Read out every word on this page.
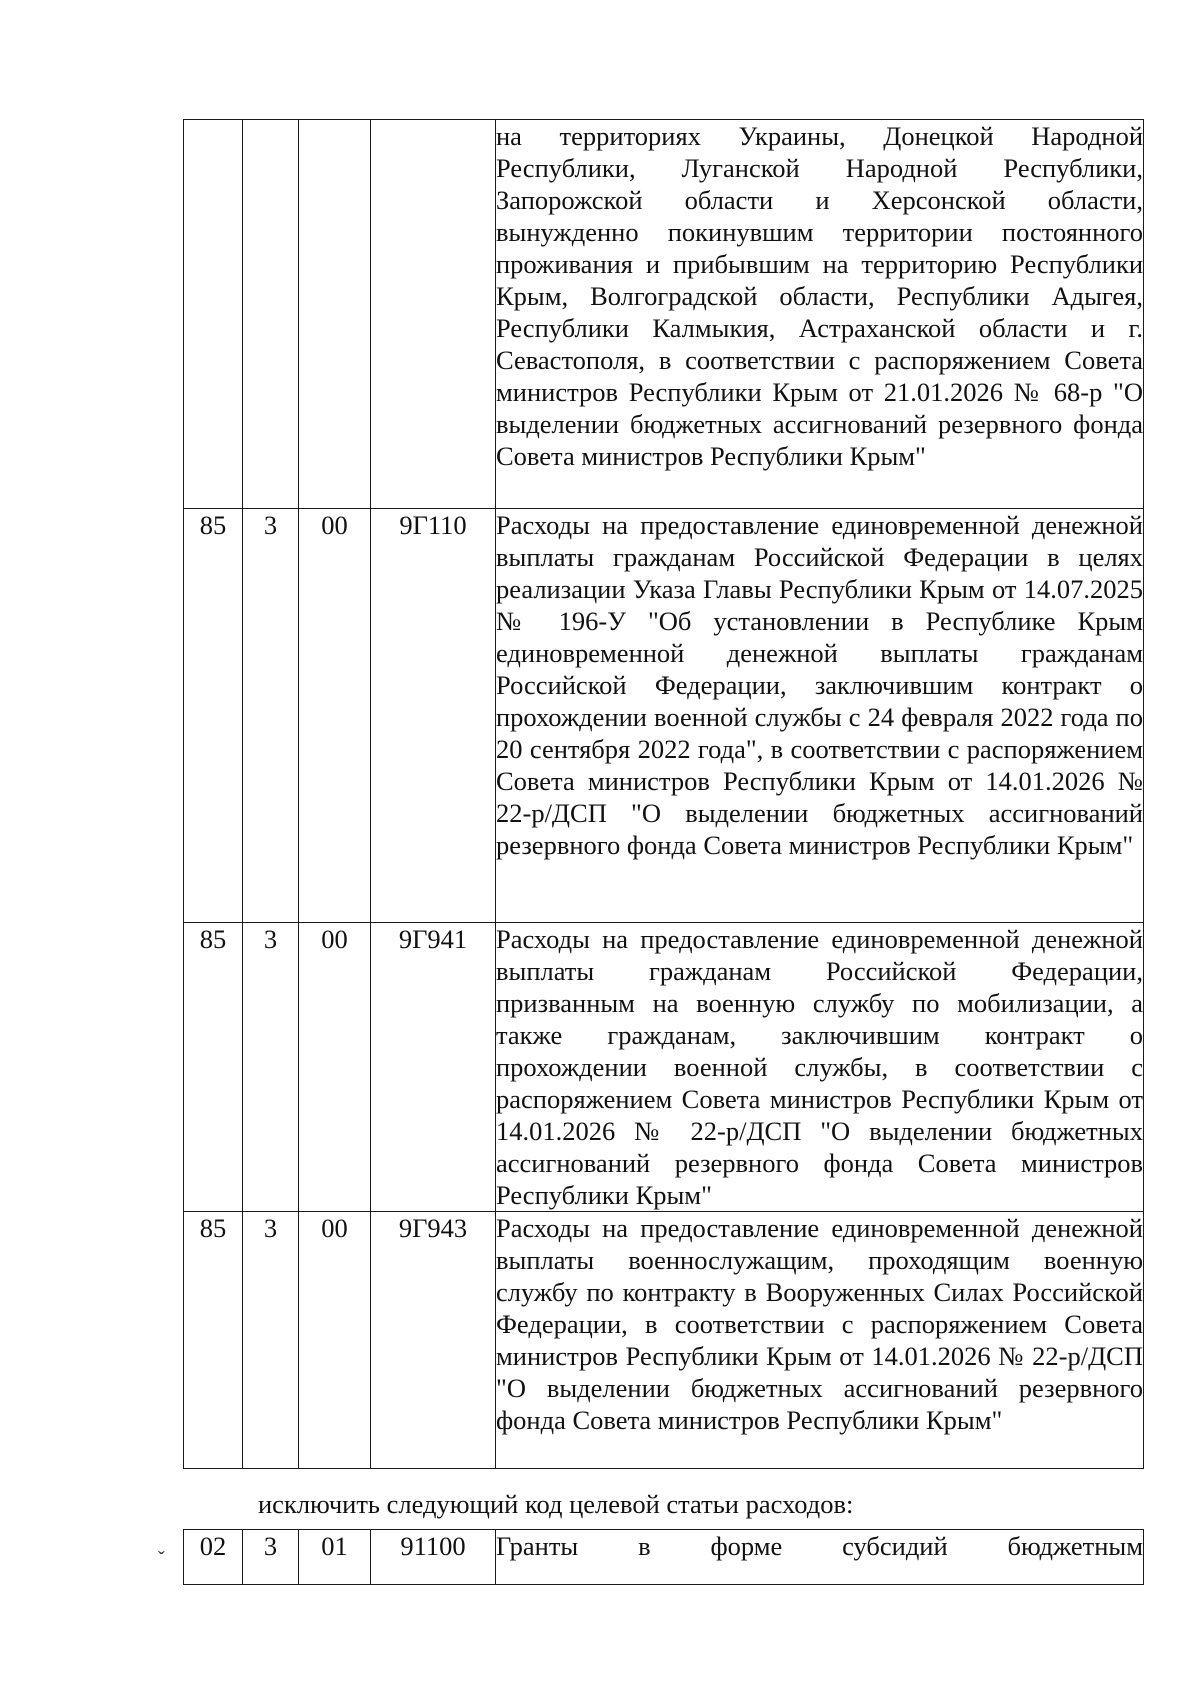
				на территориях Украины, Донецкой Народной Республики, Луганской Народной Республики, Запорожской области и Херсонской области, вынужденно покинувшим территории постоянного проживания и прибывшим на территорию Республики Крым, Волгоградской области, Республики Адыгея, Республики Калмыкия, Астраханской области и г. Севастополя, в соответствии с распоряжением Совета министров Республики Крым от 21.01.2026 № 68-р "О выделении бюджетных ассигнований резервного фонда Совета министров Республики Крым"
85	3	00	9Г110	Расходы на предоставление единовременной денежной выплаты гражданам Российской Федерации в целях реализации Указа Главы Республики Крым от 14.07.2025 № 196-У "Об установлении в Республике Крым единовременной денежной выплаты гражданам Российской Федерации, заключившим контракт о прохождении военной службы с 24 февраля 2022 года по 20 сентября 2022 года", в соответствии с распоряжением Совета министров Республики Крым от 14.01.2026 № 22-р/ДСП "О выделении бюджетных ассигнований резервного фонда Совета министров Республики Крым"
85	3	00	9Г941	Расходы на предоставление единовременной денежной выплаты гражданам Российской Федерации, призванным на военную службу по мобилизации, а также гражданам, заключившим контракт о прохождении военной службы, в соответствии с распоряжением Совета министров Республики Крым от 14.01.2026 № 22-р/ДСП "О выделении бюджетных ассигнований резервного фонда Совета министров Республики Крым"
85	3	00	9Г943	Расходы на предоставление единовременной денежной выплаты военнослужащим, проходящим военную службу по контракту в Вооруженных Силах Российской Федерации, в соответствии с распоряжением Совета министров Республики Крым от 14.01.2026 № 22-р/ДСП "О выделении бюджетных ассигнований резервного фонда Совета министров Республики Крым"
исключить следующий код целевой статьи расходов:
ˇ 02	3	01	91100	Гранты в форме субсидий бюджетным
